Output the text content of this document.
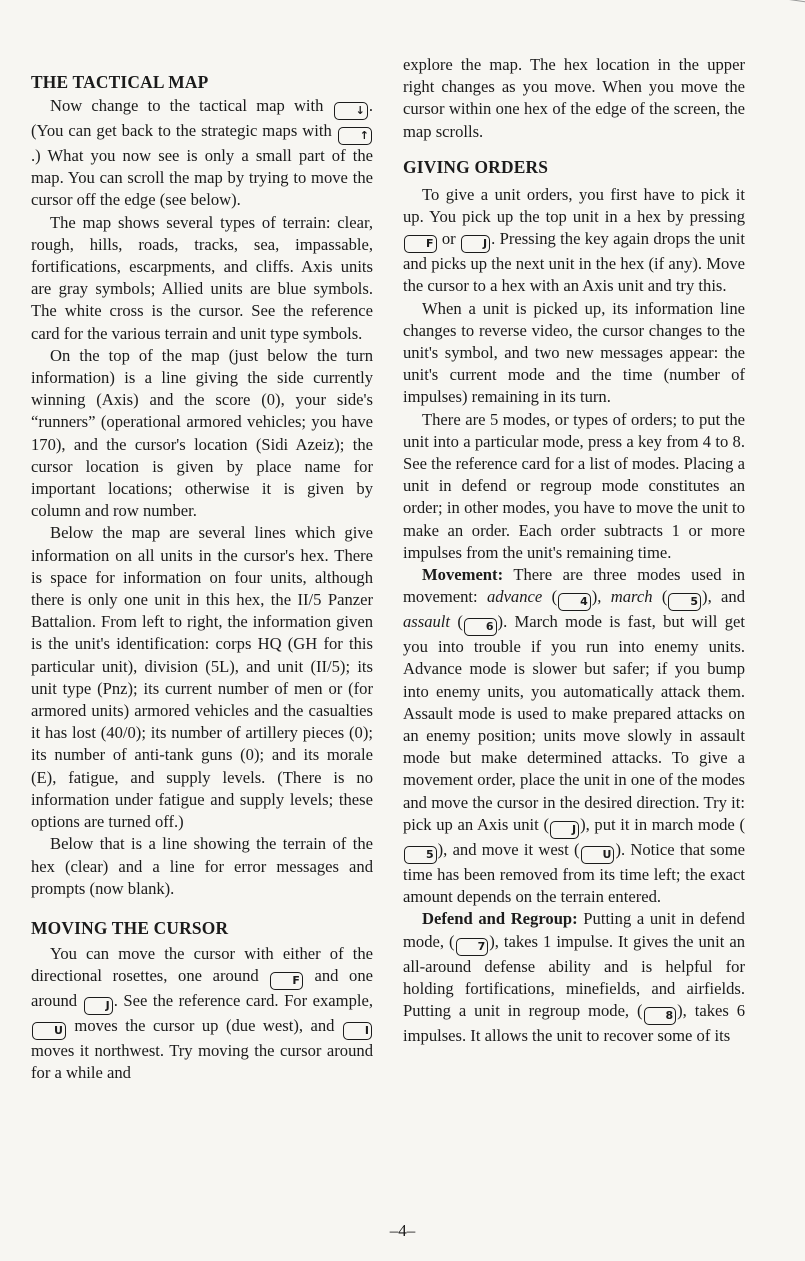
THE TACTICAL MAP

Now change to the tactical map with ↓ . (You can get back to the strategic maps with ↑.) What you now see is only a small part of the map. You can scroll the map by trying to move the cursor off the edge (see below).

The map shows several types of terrain: clear, rough, hills, roads, tracks, sea, impassable, fortifications, escarpments, and cliffs. Axis units are gray symbols; Allied units are blue symbols. The white cross is the cursor. See the reference card for the various terrain and unit type symbols.

On the top of the map (just below the turn information) is a line giving the side currently winning (Axis) and the score (0), your side's “runners” (operational armored vehicles; you have 170), and the cursor's location (Sidi Azeiz); the cursor location is given by place name for important locations; otherwise it is given by column and row number.

Below the map are several lines which give information on all units in the cursor's hex. There is space for information on four units, although there is only one unit in this hex, the II/5 Panzer Battalion. From left to right, the information given is the unit's identification: corps HQ (GH for this particular unit), division (5L), and unit (II/5); its unit type (Pnz); its current number of men or (for armored units) armored vehicles and the casualties it has lost (40/0); its number of artillery pieces (0); its number of anti-tank guns (0); and its morale (E), fatigue, and supply levels. (There is no information under fatigue and supply levels; these options are turned off.)

Below that is a line showing the terrain of the hex (clear) and a line for error messages and prompts (now blank).

MOVING THE CURSOR

You can move the cursor with either of the directional rosettes, one around F and one around J . See the reference card. For example, U moves the cursor up (due west), and I moves it northwest. Try moving the cursor around for a while and

explore the map. The hex location in the upper right changes as you move. When you move the cursor within one hex of the edge of the screen, the map scrolls.

GIVING ORDERS

To give a unit orders, you first have to pick it up. You pick up the top unit in a hex by pressing F or J . Pressing the key again drops the unit and picks up the next unit in the hex (if any). Move the cursor to a hex with an Axis unit and try this.

When a unit is picked up, its information line changes to reverse video, the cursor changes to the unit's symbol, and two new messages appear: the unit's current mode and the time (number of impulses) remaining in its turn.

There are 5 modes, or types of orders; to put the unit into a particular mode, press a key from 4 to 8. See the reference card for a list of modes. Placing a unit in defend or regroup mode constitutes an order; in other modes, you have to move the unit to make an order. Each order subtracts 1 or more impulses from the unit's remaining time.

Movement: There are three modes used in movement: advance ( 4 ), march ( 5 ), and assault ( 6 ). March mode is fast, but will get you into trouble if you run into enemy units. Advance mode is slower but safer; if you bump into enemy units, you automatically attack them. Assault mode is used to make prepared attacks on an enemy position; units move slowly in assault mode but make determined attacks. To give a movement order, place the unit in one of the modes and move the cursor in the desired direction. Try it: pick up an Axis unit ( J ), put it in march mode (5 ), and move it west ( U ). Notice that some time has been removed from its time left; the exact amount depends on the terrain entered.

Defend and Regroup: Putting a unit in defend mode, ( 7 ), takes 1 impulse. It gives the unit an all-around defense ability and is helpful for holding fortifications, minefields, and airfields. Putting a unit in regroup mode, ( 8 ), takes 6 impulses. It allows the unit to recover some of its

–4–
